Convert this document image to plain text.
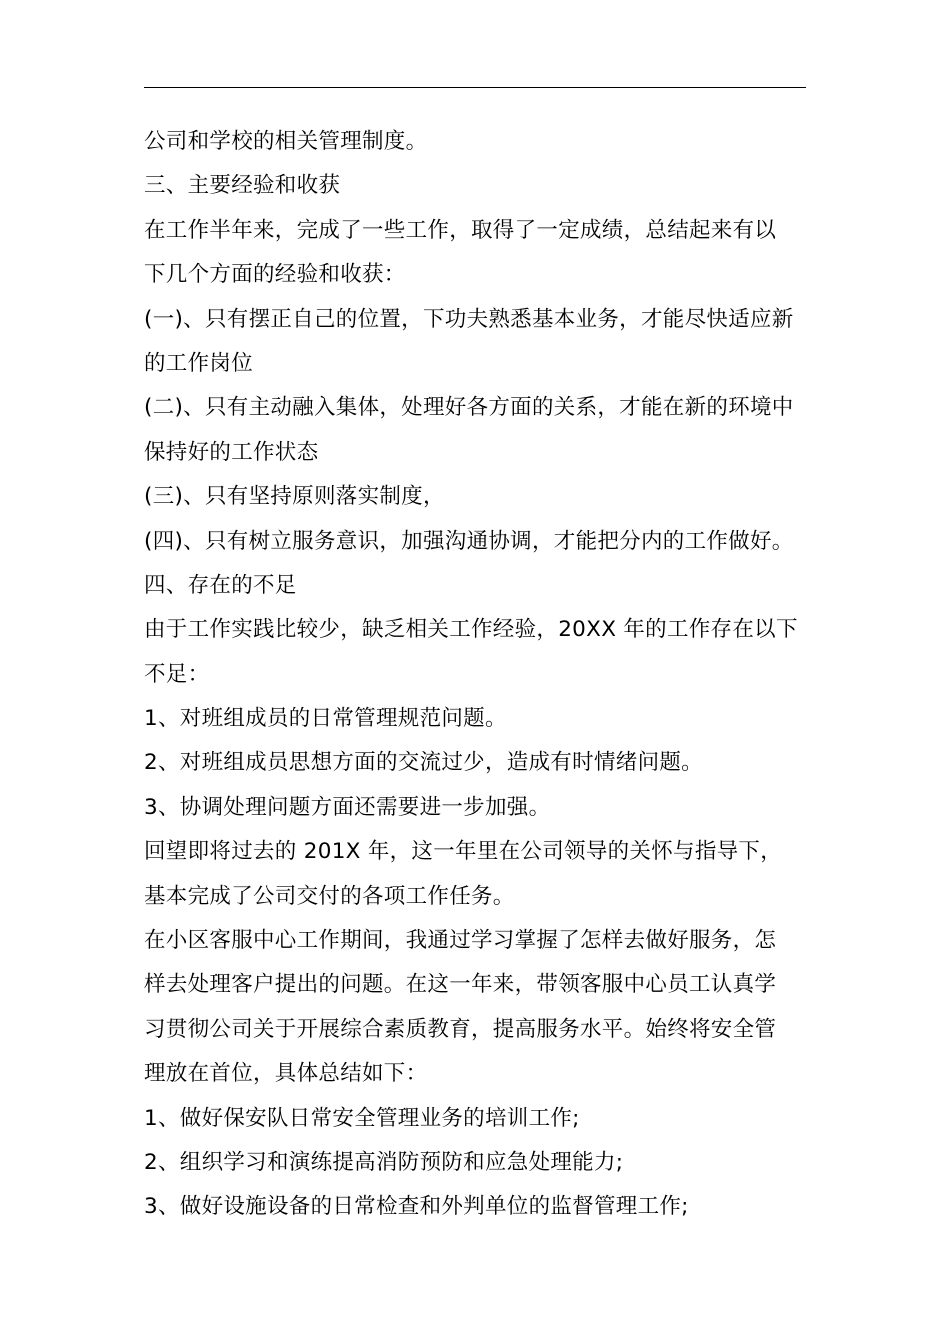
公司和学校的相关管理制度。
三、主要经验和收获
在工作半年来，完成了一些工作，取得了一定成绩，总结起来有以
下几个方面的经验和收获：
(一)、只有摆正自己的位置，下功夫熟悉基本业务，才能尽快适应新
的工作岗位
(二)、只有主动融入集体，处理好各方面的关系，才能在新的环境中
保持好的工作状态
(三)、只有坚持原则落实制度，
(四)、只有树立服务意识，加强沟通协调，才能把分内的工作做好。
四、存在的不足
由于工作实践比较少，缺乏相关工作经验，20XX 年的工作存在以下
不足：
1、对班组成员的日常管理规范问题。
2、对班组成员思想方面的交流过少，造成有时情绪问题。
3、协调处理问题方面还需要进一步加强。
回望即将过去的 201X 年，这一年里在公司领导的关怀与指导下，
基本完成了公司交付的各项工作任务。
在小区客服中心工作期间，我通过学习掌握了怎样去做好服务，怎
样去处理客户提出的问题。在这一年来，带领客服中心员工认真学
习贯彻公司关于开展综合素质教育，提高服务水平。始终将安全管
理放在首位，具体总结如下：
1、做好保安队日常安全管理业务的培训工作;
2、组织学习和演练提高消防预防和应急处理能力;
3、做好设施设备的日常检查和外判单位的监督管理工作;
